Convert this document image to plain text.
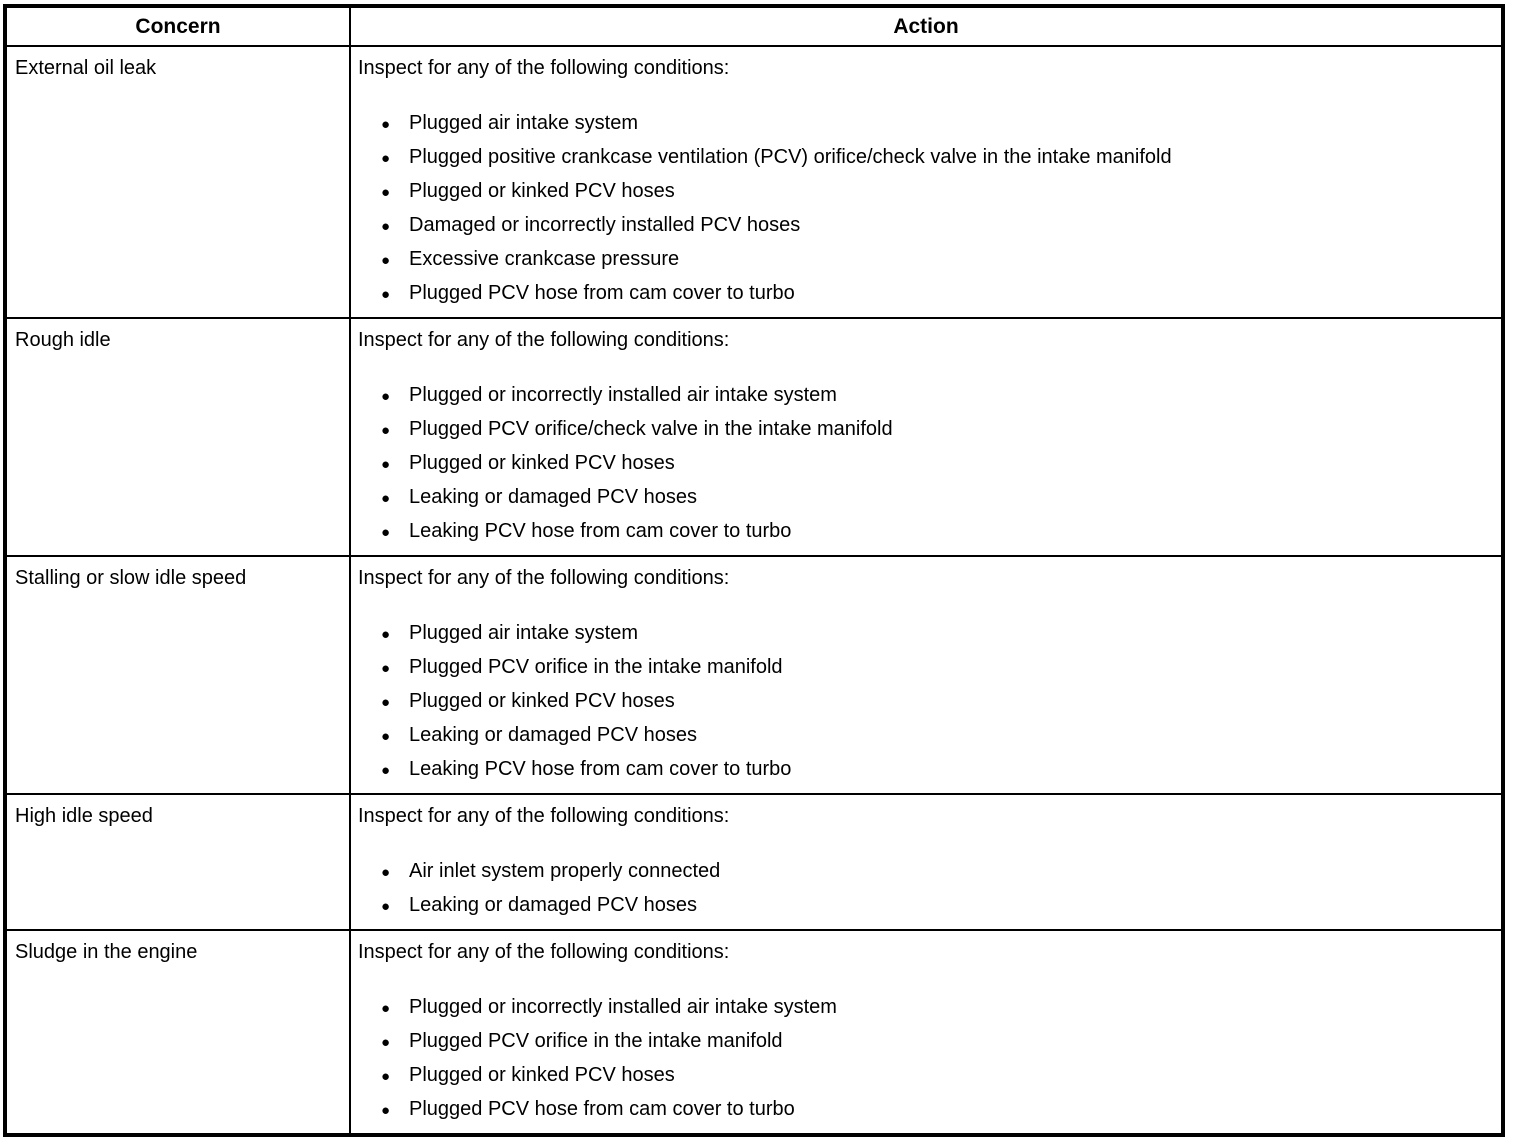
Concern	Action

External oil leak	Inspect for any of the following conditions:

● Plugged air intake system
● Plugged positive crankcase ventilation (PCV) orifice/check valve in the intake manifold
● Plugged or kinked PCV hoses
● Damaged or incorrectly installed PCV hoses
● Excessive crankcase pressure
● Plugged PCV hose from cam cover to turbo

Rough idle	Inspect for any of the following conditions:

● Plugged or incorrectly installed air intake system
● Plugged PCV orifice/check valve in the intake manifold
● Plugged or kinked PCV hoses
● Leaking or damaged PCV hoses
● Leaking PCV hose from cam cover to turbo

Stalling or slow idle speed	Inspect for any of the following conditions:

● Plugged air intake system
● Plugged PCV orifice in the intake manifold
● Plugged or kinked PCV hoses
● Leaking or damaged PCV hoses
● Leaking PCV hose from cam cover to turbo

High idle speed	Inspect for any of the following conditions:

● Air inlet system properly connected
● Leaking or damaged PCV hoses

Sludge in the engine	Inspect for any of the following conditions:

● Plugged or incorrectly installed air intake system
● Plugged PCV orifice in the intake manifold
● Plugged or kinked PCV hoses
● Plugged PCV hose from cam cover to turbo
